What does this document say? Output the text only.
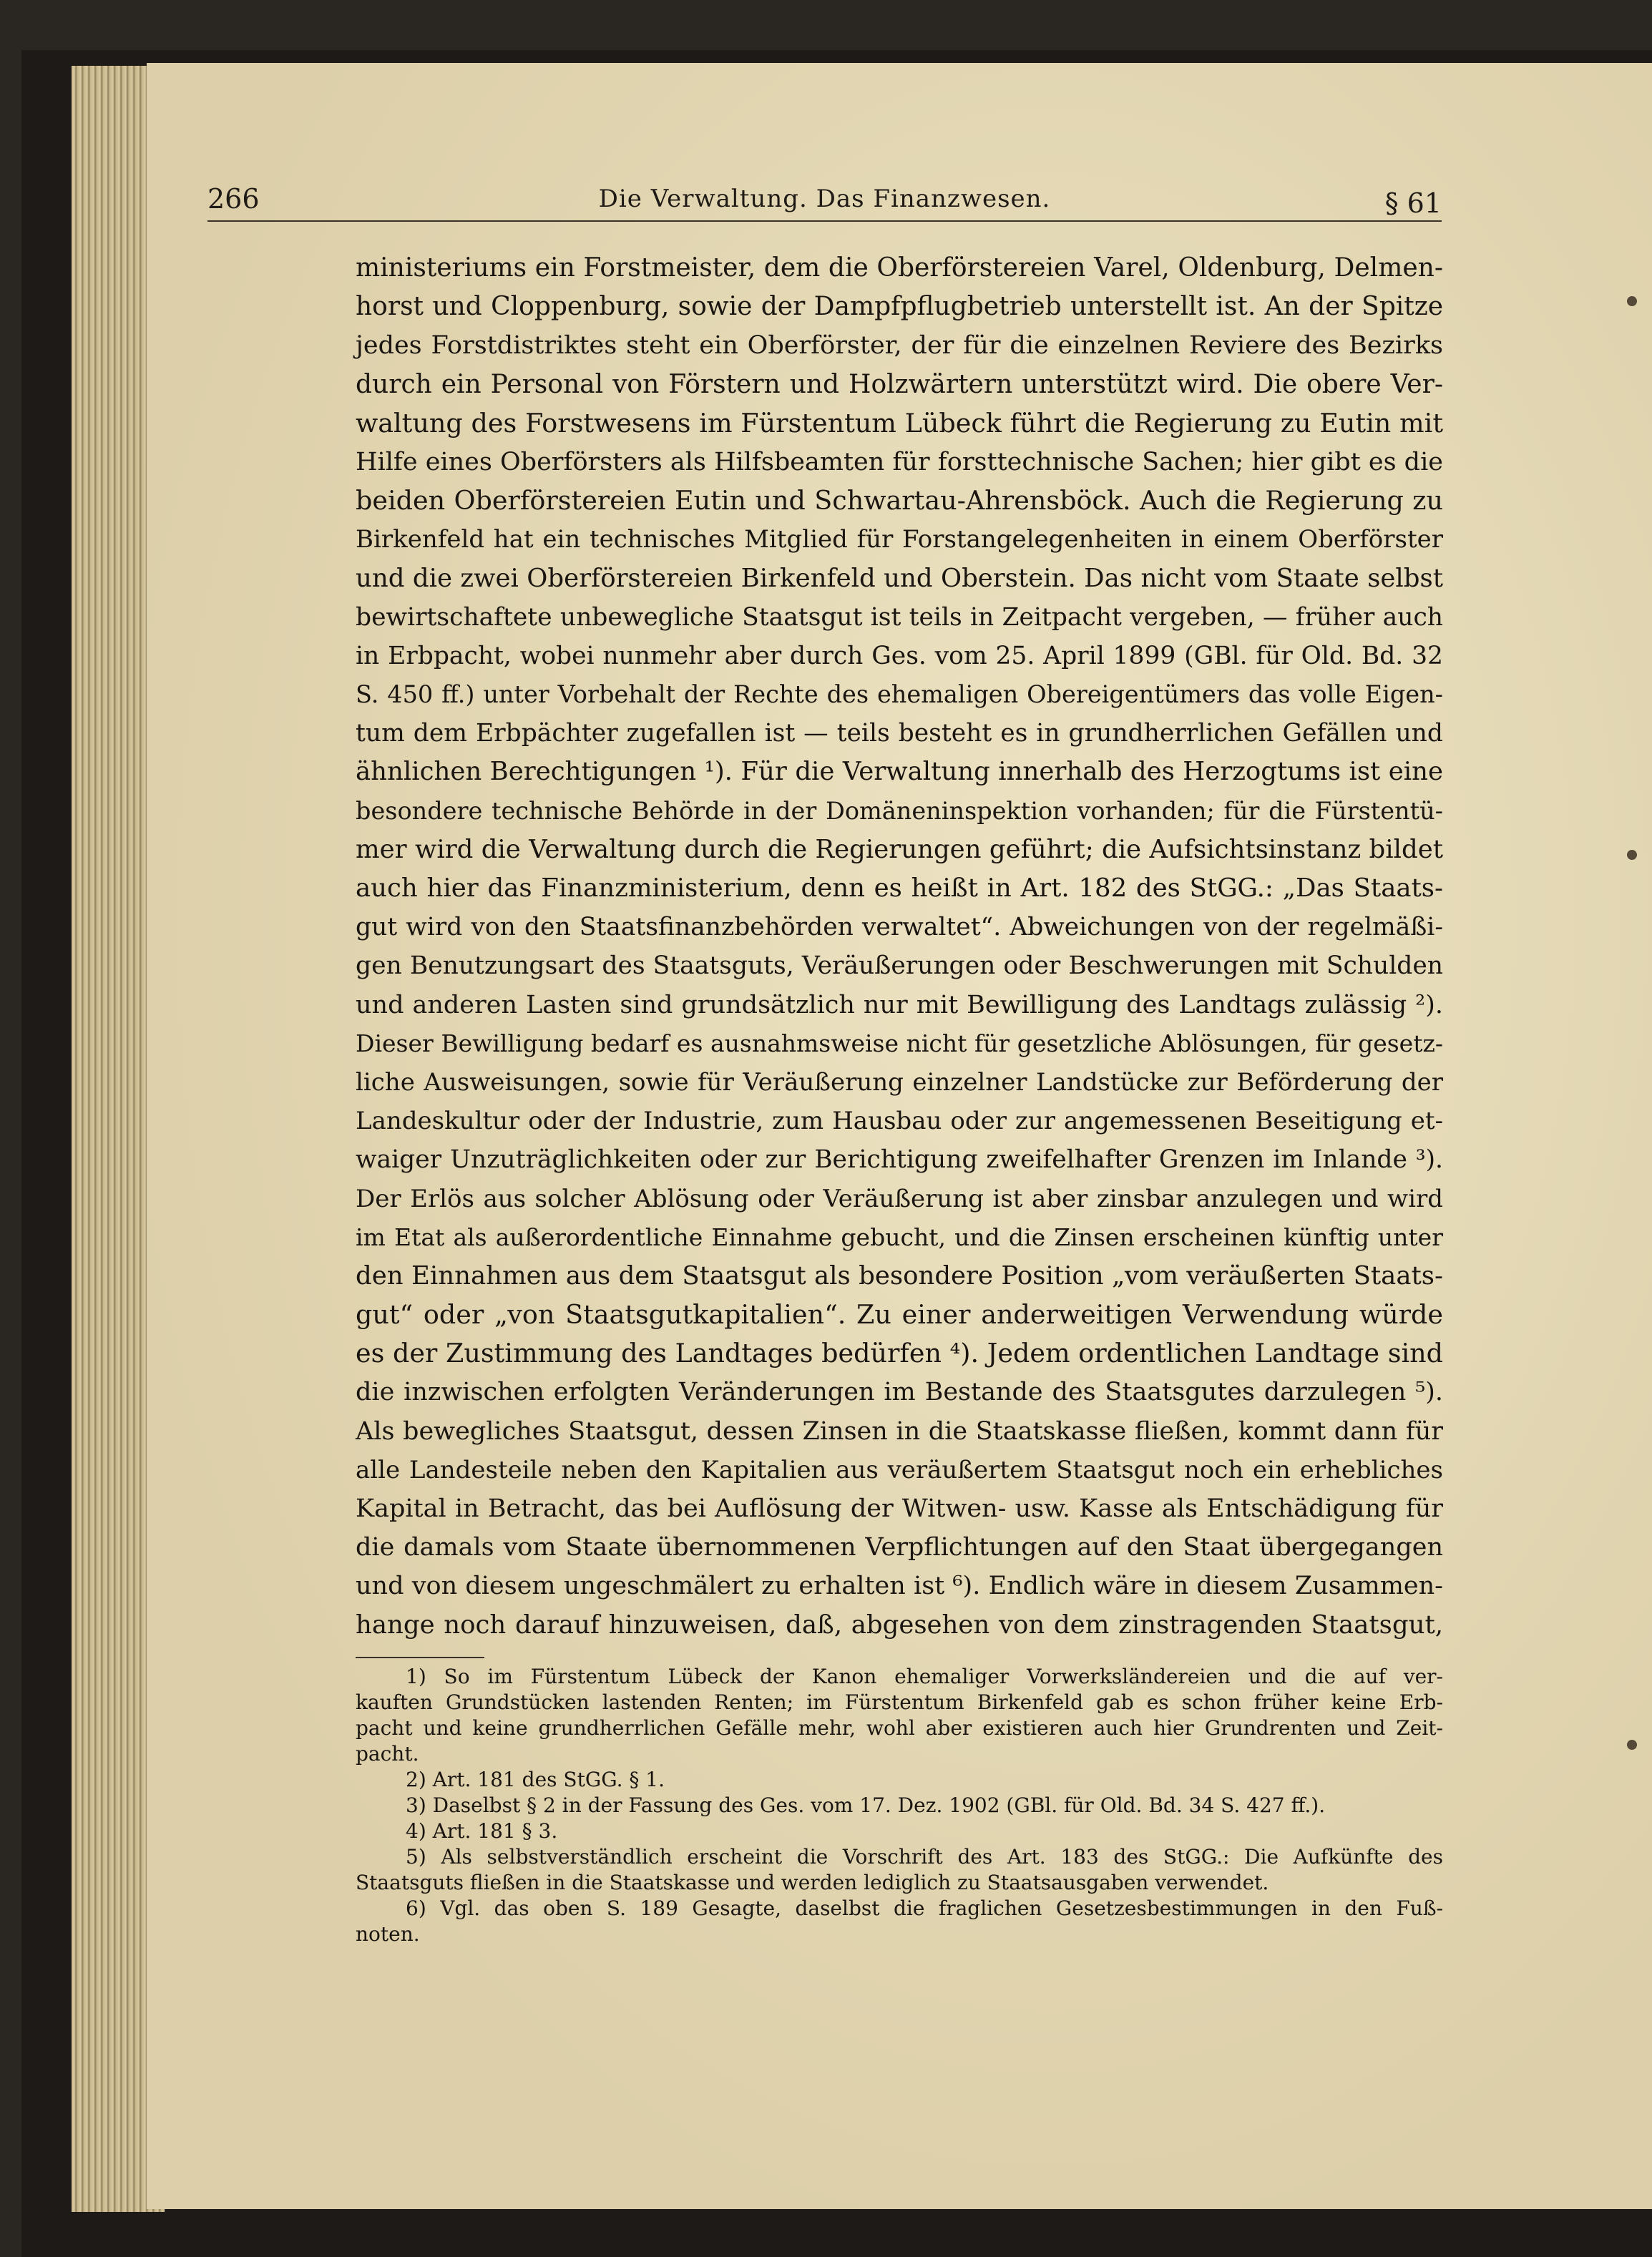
266	Die Verwaltung. Das Finanzwesen.	§ 61
ministeriums ein Forstmeister, dem die Oberförstereien Varel, Oldenburg, Delmen-
horst und Cloppenburg, sowie der Dampfpflugbetrieb unterstellt ist. An der Spitze
jedes Forstdistriktes steht ein Oberförster, der für die einzelnen Reviere des Bezirks
durch ein Personal von Förstern und Holzwärtern unterstützt wird. Die obere Ver-
waltung des Forstwesens im Fürstentum Lübeck führt die Regierung zu Eutin mit
Hilfe eines Oberförsters als Hilfsbeamten für forsttechnische Sachen; hier gibt es die
beiden Oberförstereien Eutin und Schwartau-Ahrensböck. Auch die Regierung zu
Birkenfeld hat ein technisches Mitglied für Forstangelegenheiten in einem Oberförster
und die zwei Oberförstereien Birkenfeld und Oberstein. Das nicht vom Staate selbst
bewirtschaftete unbewegliche Staatsgut ist teils in Zeitpacht vergeben, — früher auch
in Erbpacht, wobei nunmehr aber durch Ges. vom 25. April 1899 (GBl. für Old. Bd. 32
S. 450 ff.) unter Vorbehalt der Rechte des ehemaligen Obereigentümers das volle Eigen-
tum dem Erbpächter zugefallen ist — teils besteht es in grundherrlichen Gefällen und
ähnlichen Berechtigungen ¹). Für die Verwaltung innerhalb des Herzogtums ist eine
besondere technische Behörde in der Domäneninspektion vorhanden; für die Fürstentü-
mer wird die Verwaltung durch die Regierungen geführt; die Aufsichtsinstanz bildet
auch hier das Finanzministerium, denn es heißt in Art. 182 des StGG.: „Das Staats-
gut wird von den Staatsfinanzbehörden verwaltet“. Abweichungen von der regelmäßi-
gen Benutzungsart des Staatsguts, Veräußerungen oder Beschwerungen mit Schulden
und anderen Lasten sind grundsätzlich nur mit Bewilligung des Landtags zulässig ²).
Dieser Bewilligung bedarf es ausnahmsweise nicht für gesetzliche Ablösungen, für gesetz-
liche Ausweisungen, sowie für Veräußerung einzelner Landstücke zur Beförderung der
Landeskultur oder der Industrie, zum Hausbau oder zur angemessenen Beseitigung et-
waiger Unzuträglichkeiten oder zur Berichtigung zweifelhafter Grenzen im Inlande ³).
Der Erlös aus solcher Ablösung oder Veräußerung ist aber zinsbar anzulegen und wird
im Etat als außerordentliche Einnahme gebucht, und die Zinsen erscheinen künftig unter
den Einnahmen aus dem Staatsgut als besondere Position „vom veräußerten Staats-
gut“ oder „von Staatsgutkapitalien“. Zu einer anderweitigen Verwendung würde
es der Zustimmung des Landtages bedürfen ⁴). Jedem ordentlichen Landtage sind
die inzwischen erfolgten Veränderungen im Bestande des Staatsgutes darzulegen ⁵).
Als bewegliches Staatsgut, dessen Zinsen in die Staatskasse fließen, kommt dann für
alle Landesteile neben den Kapitalien aus veräußertem Staatsgut noch ein erhebliches
Kapital in Betracht, das bei Auflösung der Witwen- usw. Kasse als Entschädigung für
die damals vom Staate übernommenen Verpflichtungen auf den Staat übergegangen
und von diesem ungeschmälert zu erhalten ist ⁶). Endlich wäre in diesem Zusammen-
hange noch darauf hinzuweisen, daß, abgesehen von dem zinstragenden Staatsgut,
1) So im Fürstentum Lübeck der Kanon ehemaliger Vorwerksländereien und die auf ver-
kauften Grundstücken lastenden Renten; im Fürstentum Birkenfeld gab es schon früher keine Erb-
pacht und keine grundherrlichen Gefälle mehr, wohl aber existieren auch hier Grundrenten und Zeit-
pacht.
2) Art. 181 des StGG. § 1.
3) Daselbst § 2 in der Fassung des Ges. vom 17. Dez. 1902 (GBl. für Old. Bd. 34 S. 427 ff.).
4) Art. 181 § 3.
5) Als selbstverständlich erscheint die Vorschrift des Art. 183 des StGG.: Die Aufkünfte des
Staatsguts fließen in die Staatskasse und werden lediglich zu Staatsausgaben verwendet.
6) Vgl. das oben S. 189 Gesagte, daselbst die fraglichen Gesetzesbestimmungen in den Fuß-
noten.
